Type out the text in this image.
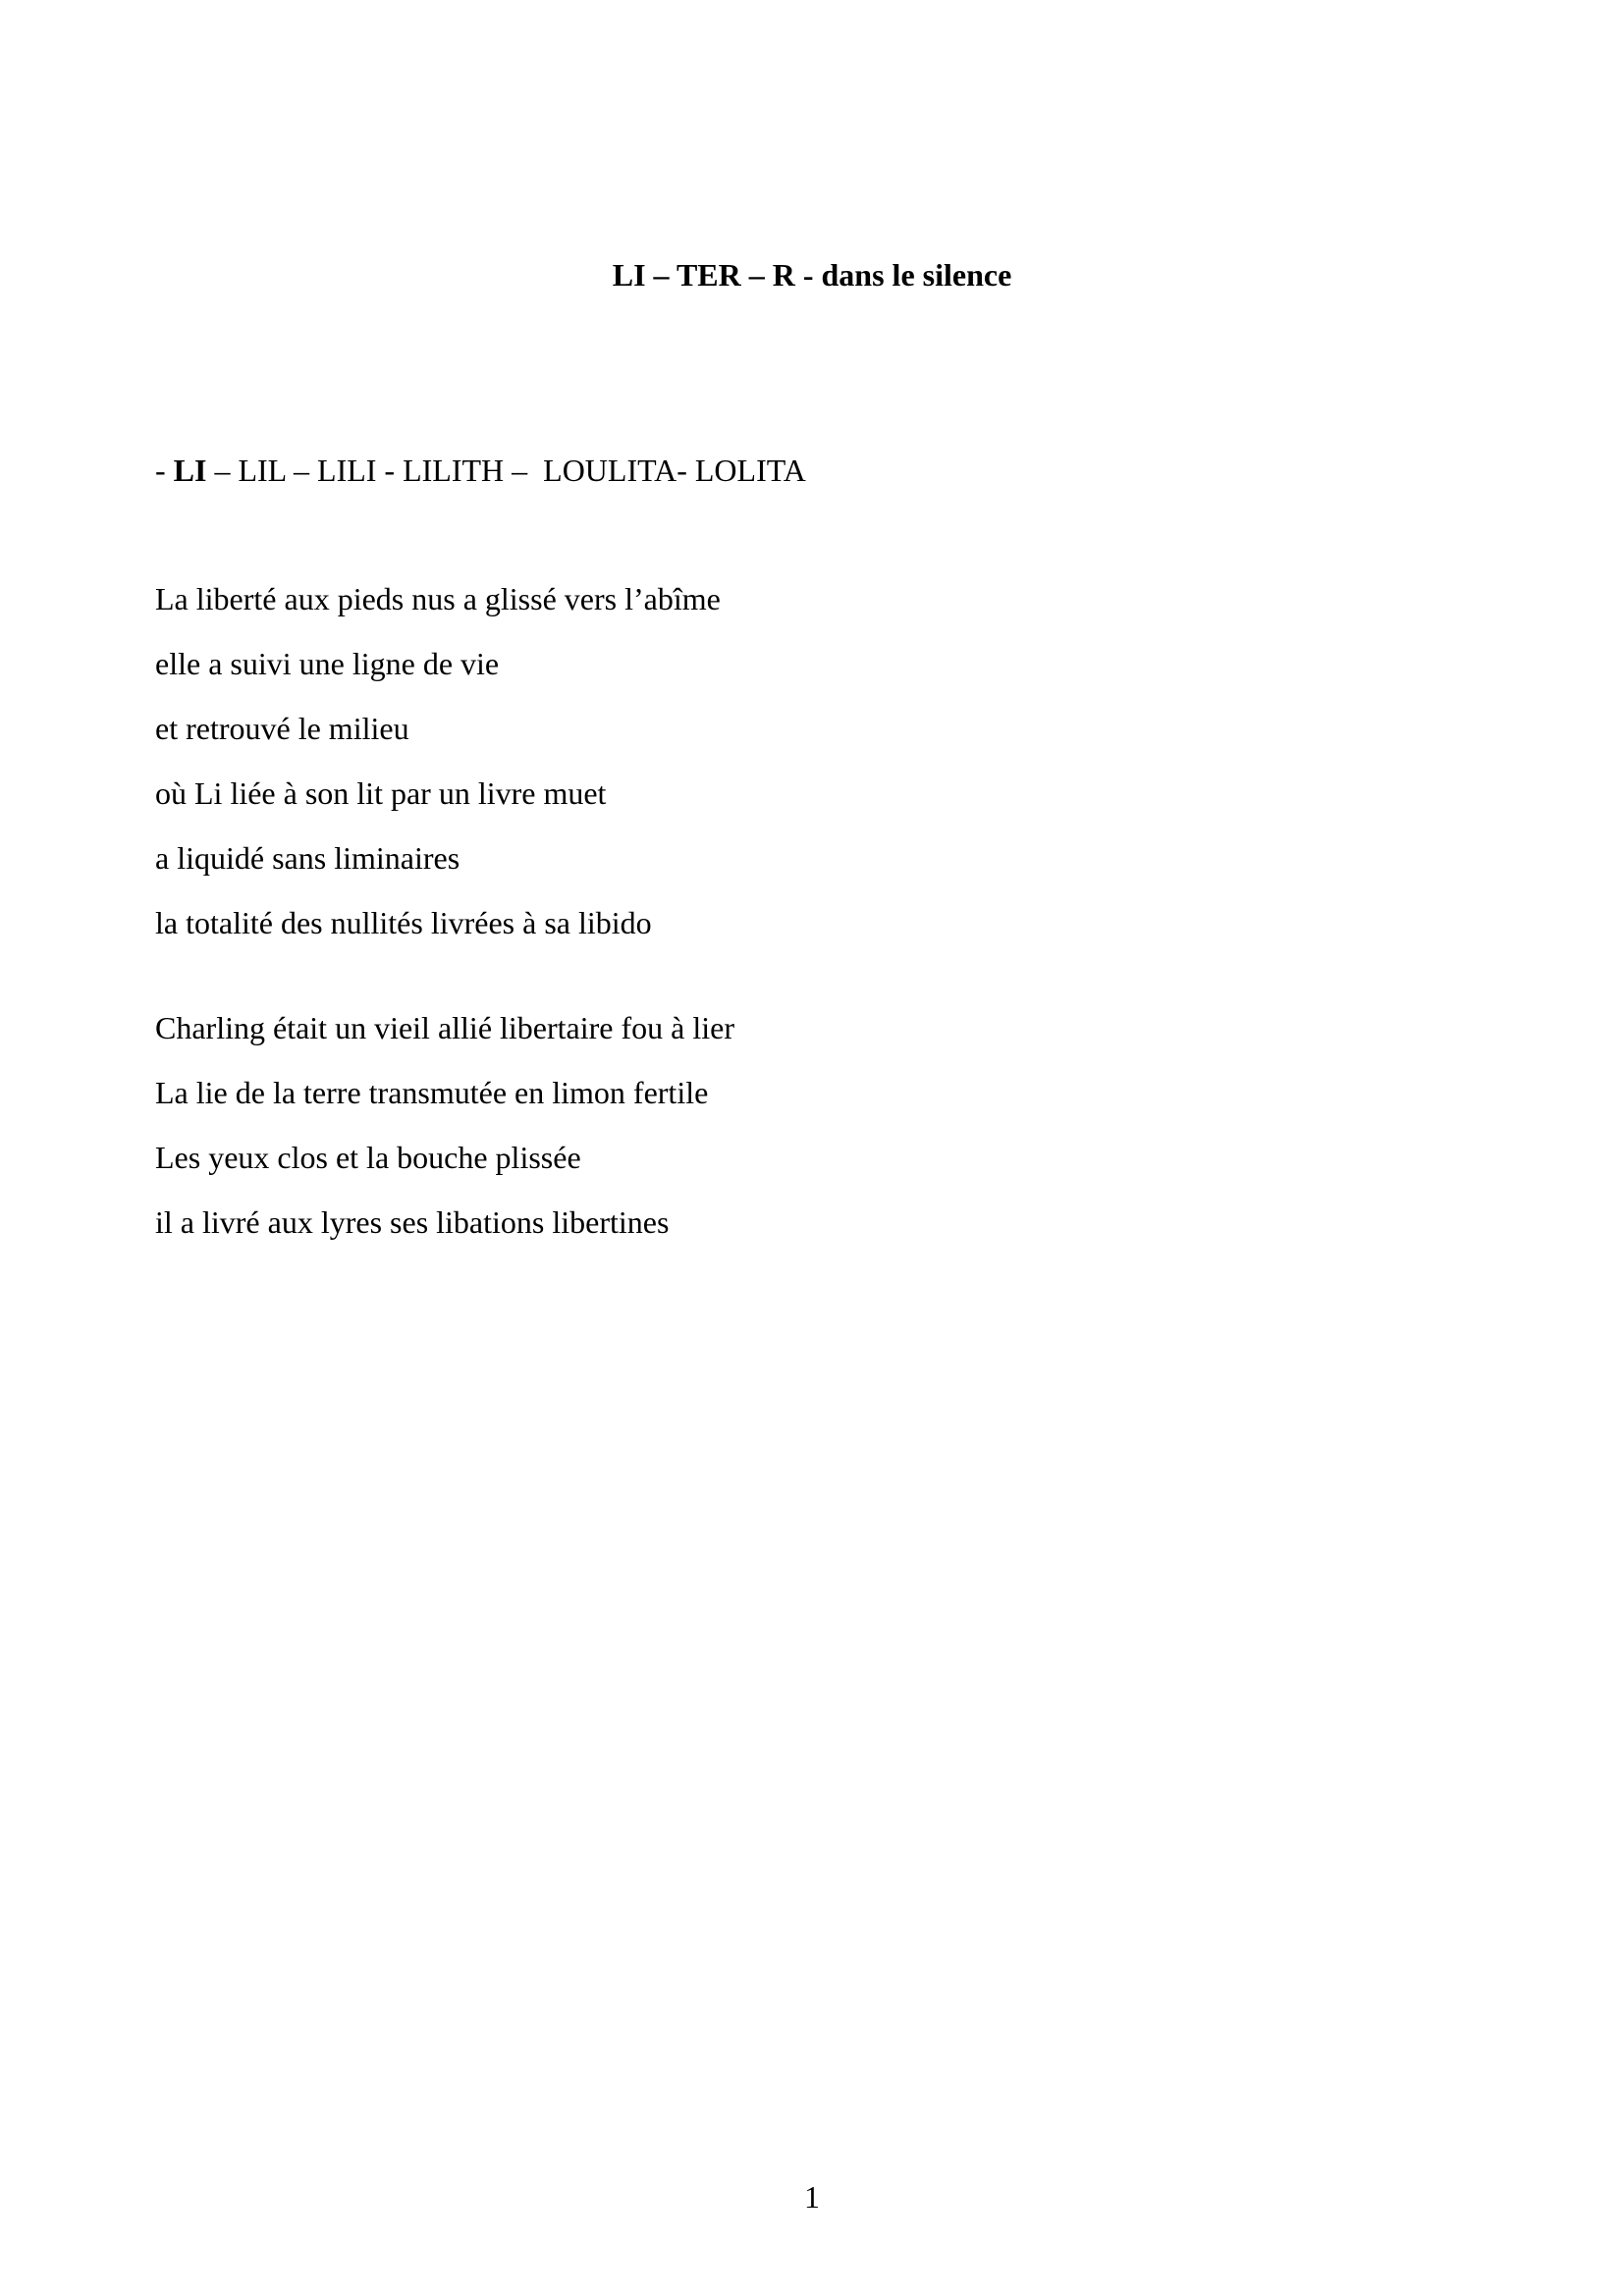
LI – TER – R - dans le silence
- LI – LIL – LILI - LILITH –  LOULITA- LOLITA
La liberté aux pieds nus a glissé vers l’abîme
elle a suivi une ligne de vie
et retrouvé le milieu
où Li liée à son lit par un livre muet
a liquidé sans liminaires
la totalité des nullités livrées à sa libido
Charling était un vieil allié libertaire fou à lier
La lie de la terre transmutée en limon fertile
Les yeux clos et la bouche plissée
il a livré aux lyres ses libations libertines
1
